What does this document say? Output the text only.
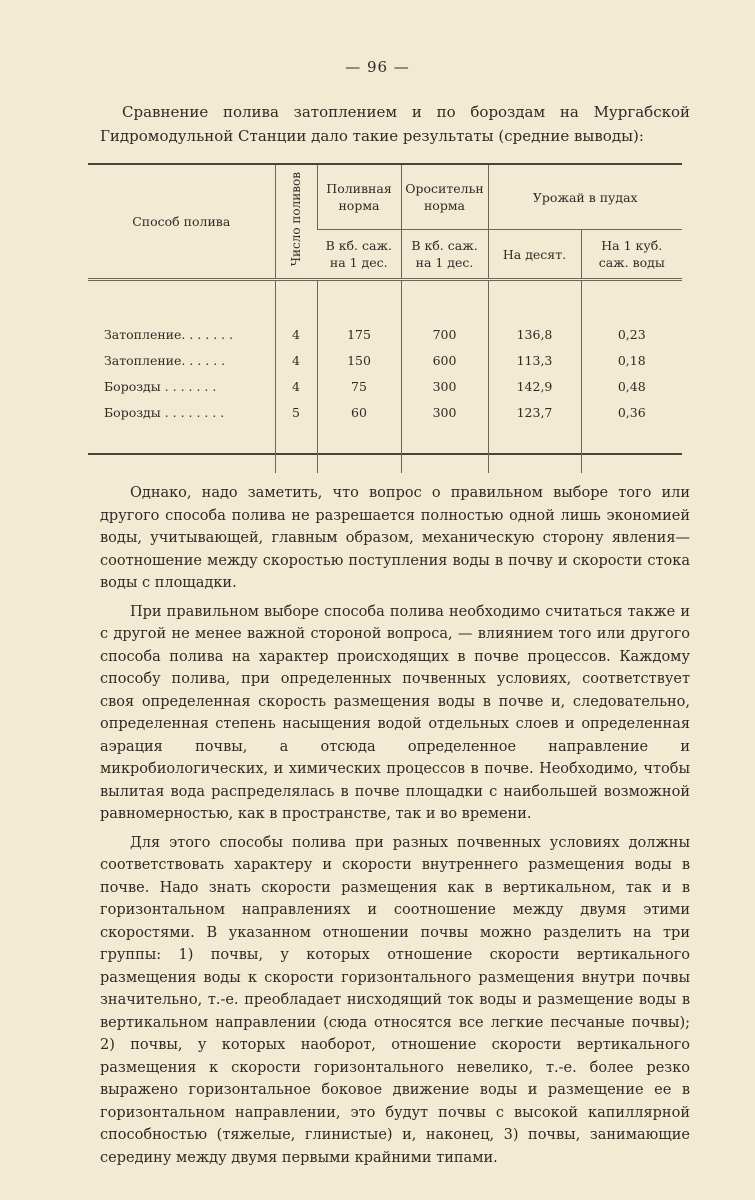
— 96 —
Сравнение полива затоплением и по бороздам на Мургабской Гидромодульной Станции дало такие результаты (средние выводы):
Способ полива	Число поливов	Поливная норма	Оросительн норма	Урожай в пудах	
		В кб. саж. на 1 дес.	В кб. саж. на 1 дес.	На десят.	На 1 куб. саж. воды

Затопление. . . . . . .	4	175	700	136,8	0,23
Затопление. . . . . .	4	150	600	113,3	0,18
Борозды . . . . . . .	4	75	300	142,9	0,48
Борозды . . . . . . . .	5	60	300	123,7	0,36

Однако, надо заметить, что вопрос о правильном выборе того или другого способа полива не разрешается полностью одной лишь экономией воды, учитывающей, главным образом, механическую сторону явления—соотношение между скоростью поступления воды в почву и скорости стока воды с площадки.

При правильном выборе способа полива необходимо считаться также и с другой не менее важной стороной вопроса, — влиянием того или другого способа полива на характер происходящих в почве процессов. Каждому способу полива, при определенных почвенных условиях, соответствует своя определенная скорость размещения воды в почве и, следовательно, определенная степень насыщения водой отдельных слоев и определенная аэрация почвы, а отсюда определенное направление и микробиологических, и химических процессов в почве. Необходимо, чтобы вылитая вода распределялась в почве площадки с наибольшей возможной равномерностью, как в пространстве, так и во времени.

Для этого способы полива при разных почвенных условиях должны соответствовать характеру и скорости внутреннего размещения воды в почве. Надо знать скорости размещения как в вертикальном, так и в горизонтальном направлениях и соотношение между двумя этими скоростями. В указанном отношении почвы можно разделить на три группы: 1) почвы, у которых отношение скорости вертикального размещения воды к скорости горизонтального размещения внутри почвы значительно, т.-е. преобладает нисходящий ток воды и размещение воды в вертикальном направлении (сюда относятся все легкие песчаные почвы); 2) почвы, у которых наоборот, отношение скорости вертикального размещения к скорости горизонтального невелико, т.-е. более резко выражено горизонтальное боковое движение воды и размещение ее в горизонтальном направлении, это будут почвы с высокой капиллярной способностью (тяжелые, глинистые) и, наконец, 3) почвы, занимающие середину между двумя первыми крайними типами.
